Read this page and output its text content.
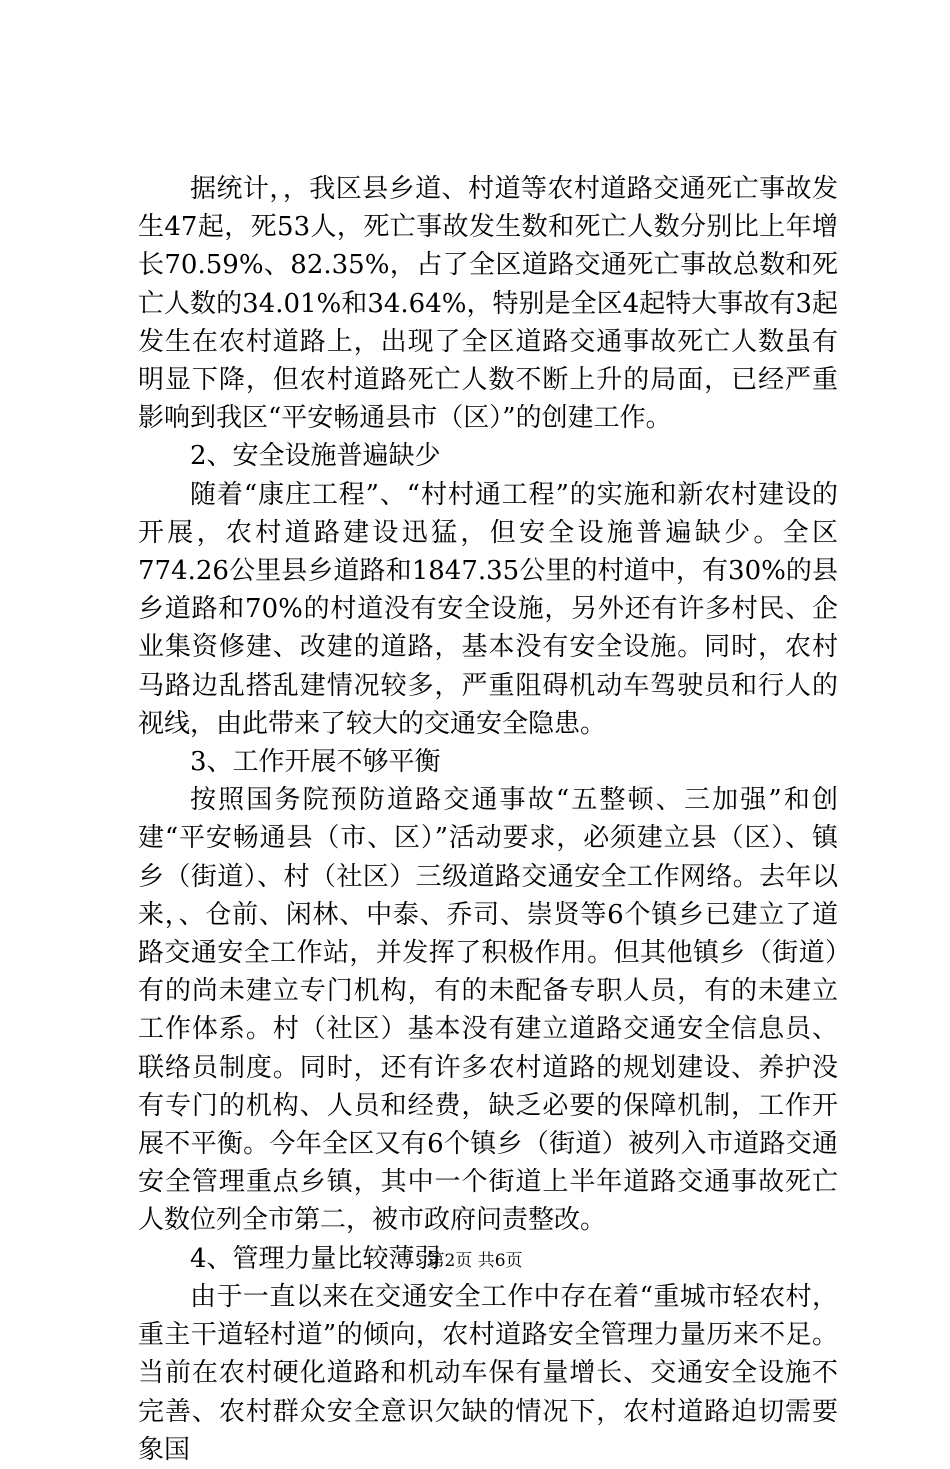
据统计，，我区县乡道、村道等农村道路交通死亡事故发生47起，死53人，死亡事故发生数和死亡人数分别比上年增长70.59%、82.35%，占了全区道路交通死亡事故总数和死亡人数的34.01%和34.64%，特别是全区4起特大事故有3起发生在农村道路上，出现了全区道路交通事故死亡人数虽有明显下降，但农村道路死亡人数不断上升的局面，已经严重影响到我区“平安畅通县市（区）”的创建工作。

2、安全设施普遍缺少

随着“康庄工程”、“村村通工程”的实施和新农村建设的开展，农村道路建设迅猛，但安全设施普遍缺少。全区774.26公里县乡道路和1847.35公里的村道中，有30%的县乡道路和70%的村道没有安全设施，另外还有许多村民、企业集资修建、改建的道路，基本没有安全设施。同时，农村马路边乱搭乱建情况较多，严重阻碍机动车驾驶员和行人的视线，由此带来了较大的交通安全隐患。

3、工作开展不够平衡

按照国务院预防道路交通事故“五整顿、三加强”和创建“平安畅通县（市、区）”活动要求，必须建立县（区）、镇乡（街道）、村（社区）三级道路交通安全工作网络。去年以来，、仓前、闲林、中泰、乔司、崇贤等6个镇乡已建立了道路交通安全工作站，并发挥了积极作用。但其他镇乡（街道）有的尚未建立专门机构，有的未配备专职人员，有的未建立工作体系。村（社区）基本没有建立道路交通安全信息员、联络员制度。同时，还有许多农村道路的规划建设、养护没有专门的机构、人员和经费，缺乏必要的保障机制，工作开展不平衡。今年全区又有6个镇乡（街道）被列入市道路交通安全管理重点乡镇，其中一个街道上半年道路交通事故死亡人数位列全市第二，被市政府问责整改。

4、管理力量比较薄弱

由于一直以来在交通安全工作中存在着“重城市轻农村，重主干道轻村道”的倾向，农村道路安全管理力量历来不足。当前在农村硬化道路和机动车保有量增长、交通安全设施不完善、农村群众安全意识欠缺的情况下，农村道路迫切需要象国

第2页 共6页
